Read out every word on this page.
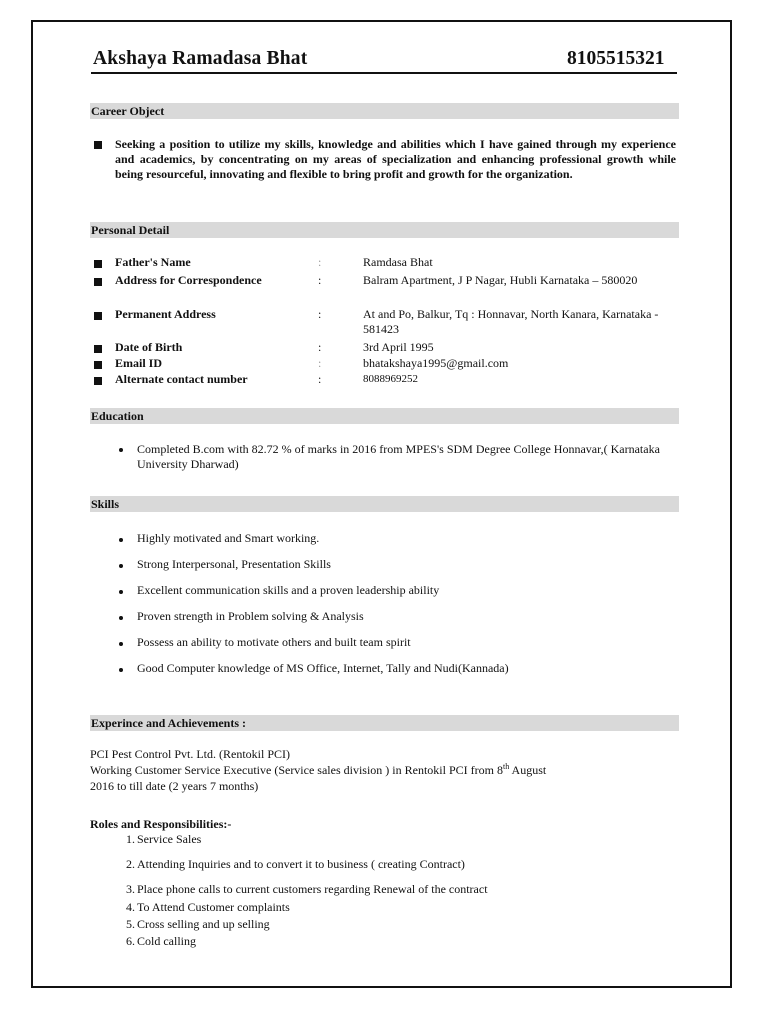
Akshaya Ramadasa Bhat	8105515321
Career Object
Seeking a position to utilize my skills, knowledge and abilities which I have gained through my experience and academics, by concentrating on my areas of specialization and enhancing professional growth while being resourceful, innovating and flexible to bring profit and growth for the organization.
Personal Detail
Father's Name	:	Ramdasa Bhat
Address for Correspondence	:	Balram Apartment, J P Nagar, Hubli Karnataka – 580020
Permanent Address	:	At and Po, Balkur, Tq : Honnavar, North Kanara, Karnataka - 581423
Date of Birth	:	3rd April 1995
Email ID	:	bhatakshaya1995@gmail.com
Alternate contact number	:	8088969252
Education
Completed B.com with 82.72 % of marks in 2016 from MPES's SDM Degree College Honnavar,( Karnataka University Dharwad)
Skills
Highly motivated and Smart working.
Strong Interpersonal, Presentation Skills
Excellent communication skills and a proven leadership ability
Proven strength in Problem solving & Analysis
Possess an ability to motivate others and built team spirit
Good Computer knowledge of MS Office, Internet, Tally and Nudi(Kannada)
Experince and Achievements :
PCI Pest Control Pvt. Ltd. (Rentokil PCI)
Working Customer Service Executive (Service sales division ) in Rentokil PCI from 8th August
2016 to till date (2 years 7 months)
Roles and Responsibilities:-
1. Service Sales
2. Attending Inquiries and to convert it to business ( creating Contract)
3. Place phone calls to current customers regarding Renewal of the contract
4. To Attend Customer complaints
5. Cross selling and up selling
6. Cold calling
